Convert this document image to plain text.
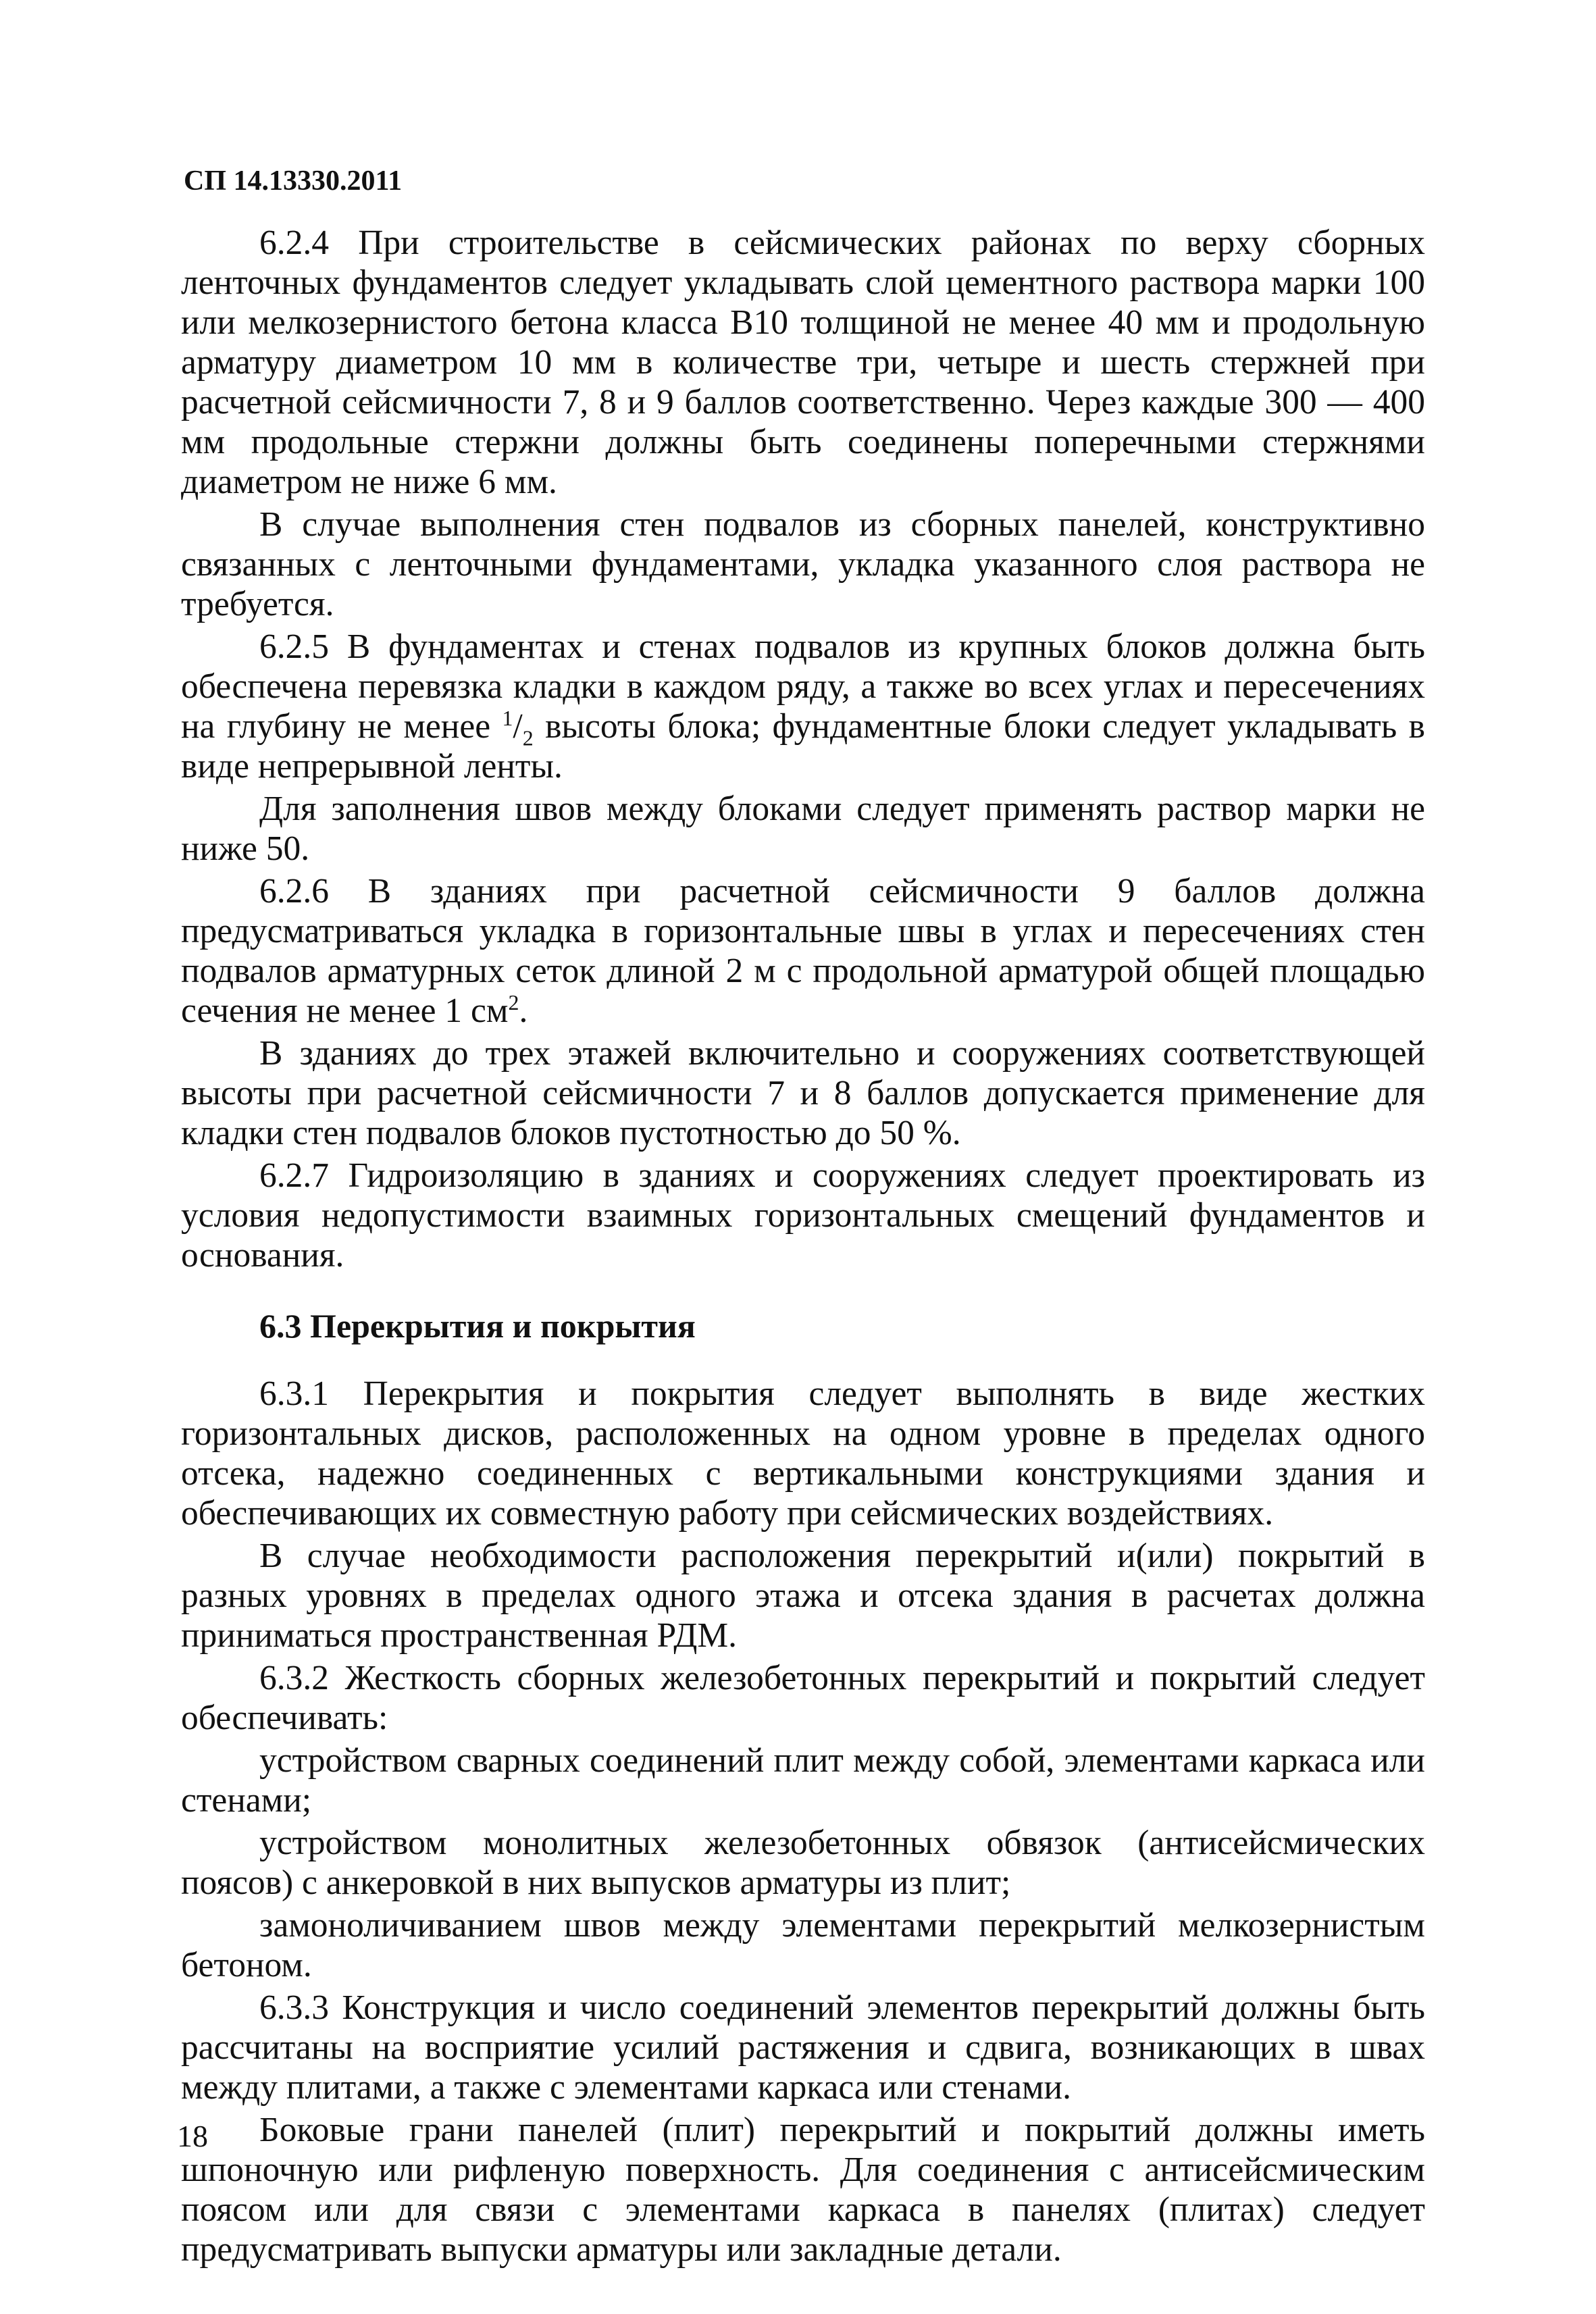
СП 14.13330.2011

6.2.4 При строительстве в сейсмических районах по верху сборных ленточных фундаментов следует укладывать слой цементного раствора марки 100 или мелкозернистого бетона класса В10 толщиной не менее 40 мм и продольную арматуру диаметром 10 мм в количестве три, четыре и шесть стержней при расчетной сейсмичности 7, 8 и 9 баллов соответственно. Через каждые 300 — 400 мм продольные стержни должны быть соединены поперечными стержнями диаметром не ниже 6 мм.

В случае выполнения стен подвалов из сборных панелей, конструктивно связанных с ленточными фундаментами, укладка указанного слоя раствора не требуется.

6.2.5 В фундаментах и стенах подвалов из крупных блоков должна быть обеспечена перевязка кладки в каждом ряду, а также во всех углах и пересечениях на глубину не менее $^1/_2$ высоты блока; фундаментные блоки следует укладывать в виде непрерывной ленты.

Для заполнения швов между блоками следует применять раствор марки не ниже 50.

6.2.6 В зданиях при расчетной сейсмичности 9 баллов должна предусматриваться укладка в горизонтальные швы в углах и пересечениях стен подвалов арматурных сеток длиной 2 м с продольной арматурой общей площадью сечения не менее 1 $см^2$.

В зданиях до трех этажей включительно и сооружениях соответствующей высоты при расчетной сейсмичности 7 и 8 баллов допускается применение для кладки стен подвалов блоков пустотностью до 50 %.

6.2.7 Гидроизоляцию в зданиях и сооружениях следует проектировать из условия недопустимости взаимных горизонтальных смещений фундаментов и основания.

6.3 Перекрытия и покрытия

6.3.1 Перекрытия и покрытия следует выполнять в виде жестких горизонтальных дисков, расположенных на одном уровне в пределах одного отсека, надежно соединенных с вертикальными конструкциями здания и обеспечивающих их совместную работу при сейсмических воздействиях.

В случае необходимости расположения перекрытий и(или) покрытий в разных уровнях в пределах одного этажа и отсека здания в расчетах должна приниматься пространственная РДМ.

6.3.2 Жесткость сборных железобетонных перекрытий и покрытий следует обеспечивать:

устройством сварных соединений плит между собой, элементами каркаса или стенами;

устройством монолитных железобетонных обвязок (антисейсмических поясов) с анкеровкой в них выпусков арматуры из плит;

замоноличиванием швов между элементами перекрытий мелкозернистым бетоном.

6.3.3 Конструкция и число соединений элементов перекрытий должны быть рассчитаны на восприятие усилий растяжения и сдвига, возникающих в швах между плитами, а также с элементами каркаса или стенами.

Боковые грани панелей (плит) перекрытий и покрытий должны иметь шпоночную или рифленую поверхность. Для соединения с антисейсмическим поясом или для связи с элементами каркаса в панелях (плитах) следует предусматривать выпуски арматуры или закладные детали.

18
